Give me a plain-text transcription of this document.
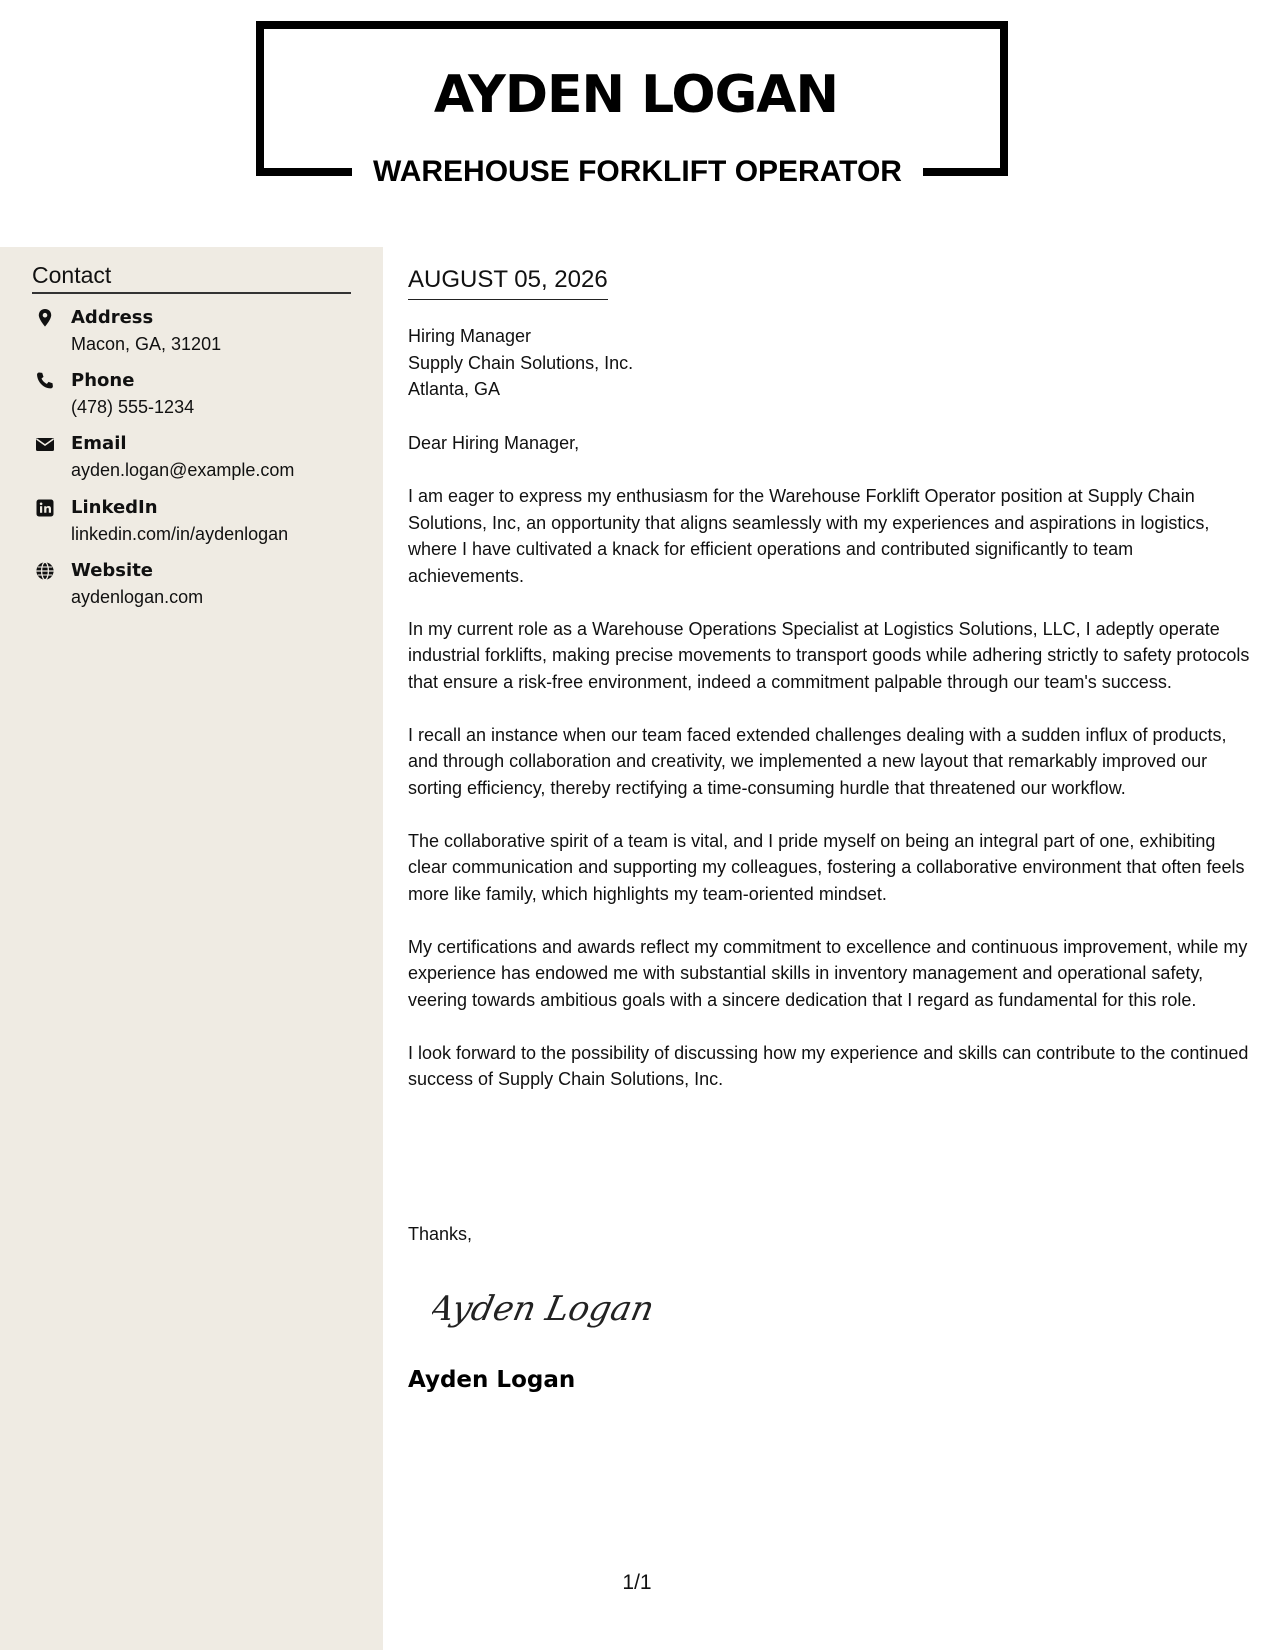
AYDEN LOGAN
WAREHOUSE FORKLIFT OPERATOR
Contact
Address
Macon, GA, 31201
Phone
(478) 555-1234
Email
ayden.logan@example.com
LinkedIn
linkedin.com/in/aydenlogan
Website
aydenlogan.com
AUGUST 05, 2026
Hiring Manager
Supply Chain Solutions, Inc.
Atlanta, GA
Dear Hiring Manager,

I am eager to express my enthusiasm for the Warehouse Forklift Operator position at Supply Chain Solutions, Inc, an opportunity that aligns seamlessly with my experiences and aspirations in logistics, where I have cultivated a knack for efficient operations and contributed significantly to team achievements.

In my current role as a Warehouse Operations Specialist at Logistics Solutions, LLC, I adeptly operate industrial forklifts, making precise movements to transport goods while adhering strictly to safety protocols that ensure a risk-free environment, indeed a commitment palpable through our team's success.

I recall an instance when our team faced extended challenges dealing with a sudden influx of products, and through collaboration and creativity, we implemented a new layout that remarkably improved our sorting efficiency, thereby rectifying a time-consuming hurdle that threatened our workflow.

The collaborative spirit of a team is vital, and I pride myself on being an integral part of one, exhibiting clear communication and supporting my colleagues, fostering a collaborative environment that often feels more like family, which highlights my team-oriented mindset.

My certifications and awards reflect my commitment to excellence and continuous improvement, while my experience has endowed me with substantial skills in inventory management and operational safety, veering towards ambitious goals with a sincere dedication that I regard as fundamental for this role.

I look forward to the possibility of discussing how my experience and skills can contribute to the continued success of Supply Chain Solutions, Inc.

Thanks,
Ayden Logan
Ayden Logan
1/1
